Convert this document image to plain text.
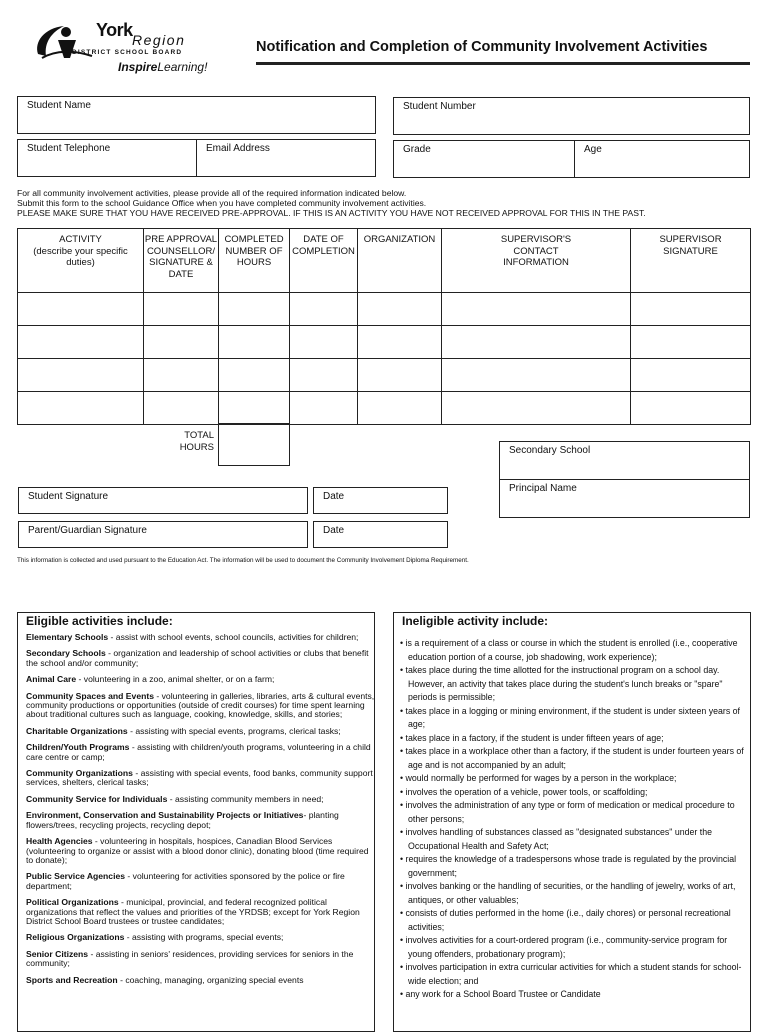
York Region
DISTRICT SCHOOL BOARD
InspireLearning!
Notification and Completion of Community Involvement Activities
Student Name	Student Number
Student Telephone	Email Address	Grade	Age
For all community involvement activities, please provide all of the required information indicated below.
Submit this form to the school Guidance Office when you have completed community involvement activities.
PLEASE MAKE SURE THAT YOU HAVE RECEIVED PRE-APPROVAL. IF THIS IS AN ACTIVITY YOU HAVE NOT RECEIVED APPROVAL FOR THIS IN THE PAST.
ACTIVITY
(describe your specific
duties)	PRE APPROVAL
COUNSELLOR/
SIGNATURE &
DATE	COMPLETED
NUMBER OF
HOURS	DATE OF
COMPLETION	ORGANIZATION	SUPERVISOR'S
CONTACT
INFORMATION	SUPERVISOR SIGNATURE

TOTAL
HOURS	Secondary School
Principal Name
Student Signature	Date
Parent/Guardian Signature	Date
This information is collected and used pursuant to the Education Act. The information will be used to document the Community Involvement Diploma Requirement.
Eligible activities include:
Elementary Schools - assist with school events, school councils, activities for children;
Secondary Schools - organization and leadership of school activities or clubs that benefit the school and/or community;
Animal Care - volunteering in a zoo, animal shelter, or on a farm;
Community Spaces and Events - volunteering in galleries, libraries, arts & cultural events, community productions or opportunities (outside of credit courses) for time spent learning about traditional cultures such as language, cooking, knowledge, skills, and stories;
Charitable Organizations - assisting with special events, programs, clerical tasks;
Children/Youth Programs - assisting with children/youth programs, volunteering in a child care centre or camp;
Community Organizations - assisting with special events, food banks, community support services, shelters, clerical tasks;
Community Service for Individuals - assisting community members in need;
Environment, Conservation and Sustainability Projects or Initiatives- planting flowers/trees, recycling projects, recycling depot;
Health Agencies - volunteering in hospitals, hospices, Canadian Blood Services (volunteering to organize or assist with a blood donor clinic), donating blood (time required to donate);
Public Service Agencies - volunteering for activities sponsored by the police or fire department;
Political Organizations - municipal, provincial, and federal recognized political organizations that reflect the values and priorities of the YRDSB; except for York Region District School Board trustees or trustee candidates;
Religious Organizations - assisting with programs, special events;
Senior Citizens - assisting in seniors' residences, providing services for seniors in the community;
Sports and Recreation - coaching, managing, organizing special events
Ineligible activity include:
• is a requirement of a class or course in which the student is enrolled (i.e., cooperative education portion of a course, job shadowing, work experience);
• takes place during the time allotted for the instructional program on a school day. However, an activity that takes place during the student's lunch breaks or "spare" periods is permissible;
• takes place in a logging or mining environment, if the student is under sixteen years of age;
• takes place in a factory, if the student is under fifteen years of age;
• takes place in a workplace other than a factory, if the student is under fourteen years of age and is not accompanied by an adult;
• would normally be performed for wages by a person in the workplace;
• involves the operation of a vehicle, power tools, or scaffolding;
• involves the administration of any type or form of medication or medical procedure to other persons;
• involves handling of substances classed as "designated substances" under the Occupational Health and Safety Act;
• requires the knowledge of a tradespersons whose trade is regulated by the provincial government;
• involves banking or the handling of securities, or the handling of jewelry, works of art, antiques, or other valuables;
• consists of duties performed in the home (i.e., daily chores) or personal recreational activities;
• involves activities for a court-ordered program (i.e., community-service program for young offenders, probationary program);
• involves participation in extra curricular activities for which a student stands for school-wide election; and
• any work for a School Board Trustee or Candidate
